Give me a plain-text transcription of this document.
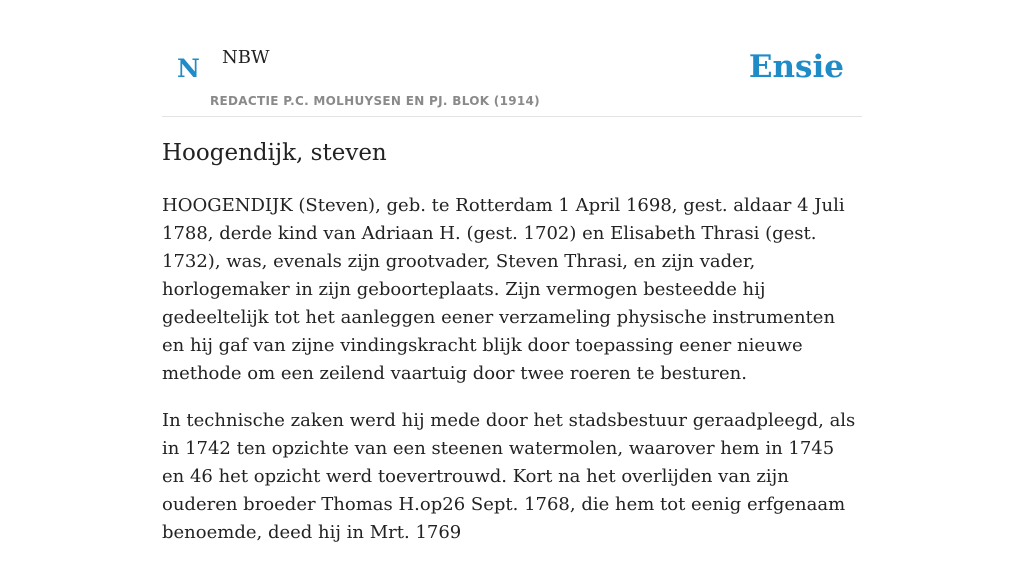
N NBW
REDACTIE P.C. MOLHUYSEN EN PJ. BLOK (1914)
Ensie
Hoogendijk, steven

HOOGENDIJK (Steven), geb. te Rotterdam 1 April 1698, gest. aldaar 4 Juli 1788, derde kind van Adriaan H. (gest. 1702) en Elisabeth Thrasi (gest. 1732), was, evenals zijn grootvader, Steven Thrasi, en zijn vader, horlogemaker in zijn geboorteplaats. Zijn vermogen besteedde hij gedeeltelijk tot het aanleggen eener verzameling physische instrumenten en hij gaf van zijne vindingskracht blijk door toepassing eener nieuwe methode om een zeilend vaartuig door twee roeren te besturen.

In technische zaken werd hij mede door het stadsbestuur geraadpleegd, als in 1742 ten opzichte van een steenen watermolen, waarover hem in 1745 en 46 het opzicht werd toevertrouwd. Kort na het overlijden van zijn ouderen broeder Thomas H.op26 Sept. 1768, die hem tot eenig erfgenaam benoemde, deed hij in Mrt. 1769
